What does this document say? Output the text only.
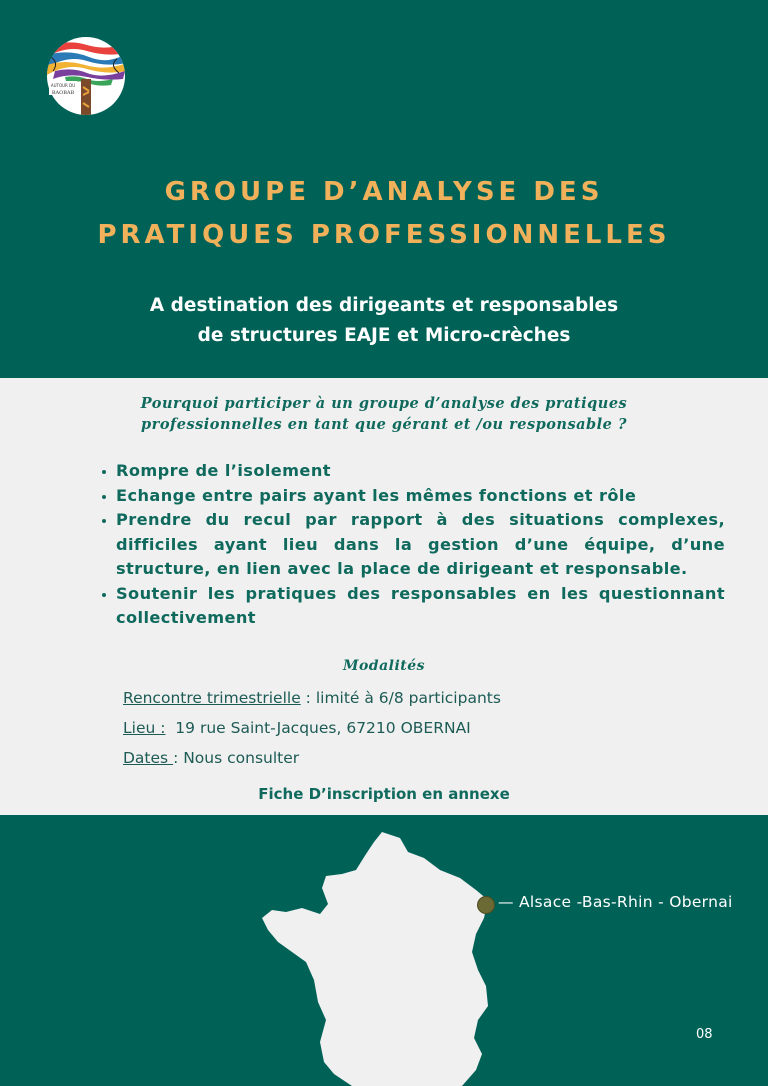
AUTOUR DU
BAOBAB
GROUPE D’ANALYSE DES
PRATIQUES PROFESSIONNELLES
A destination des dirigeants et responsables
de structures EAJE et Micro-crèches
Pourquoi participer à un groupe d’analyse des pratiques
professionnelles en tant que gérant et /ou responsable ?
Rompre de l’isolement
Echange entre pairs ayant les mêmes fonctions et rôle
Prendre du recul par rapport à des situations complexes, difficiles ayant lieu dans la gestion d’une équipe, d’une structure, en lien avec la place de dirigeant et responsable.
Soutenir les pratiques des responsables en les questionnant collectivement
Modalités
Rencontre trimestrielle : limité à 6/8 participants
Lieu :  19 rue Saint-Jacques, 67210 OBERNAI
Dates : Nous consulter
Fiche D’inscription en annexe
— Alsace -Bas-Rhin - Obernai
08
